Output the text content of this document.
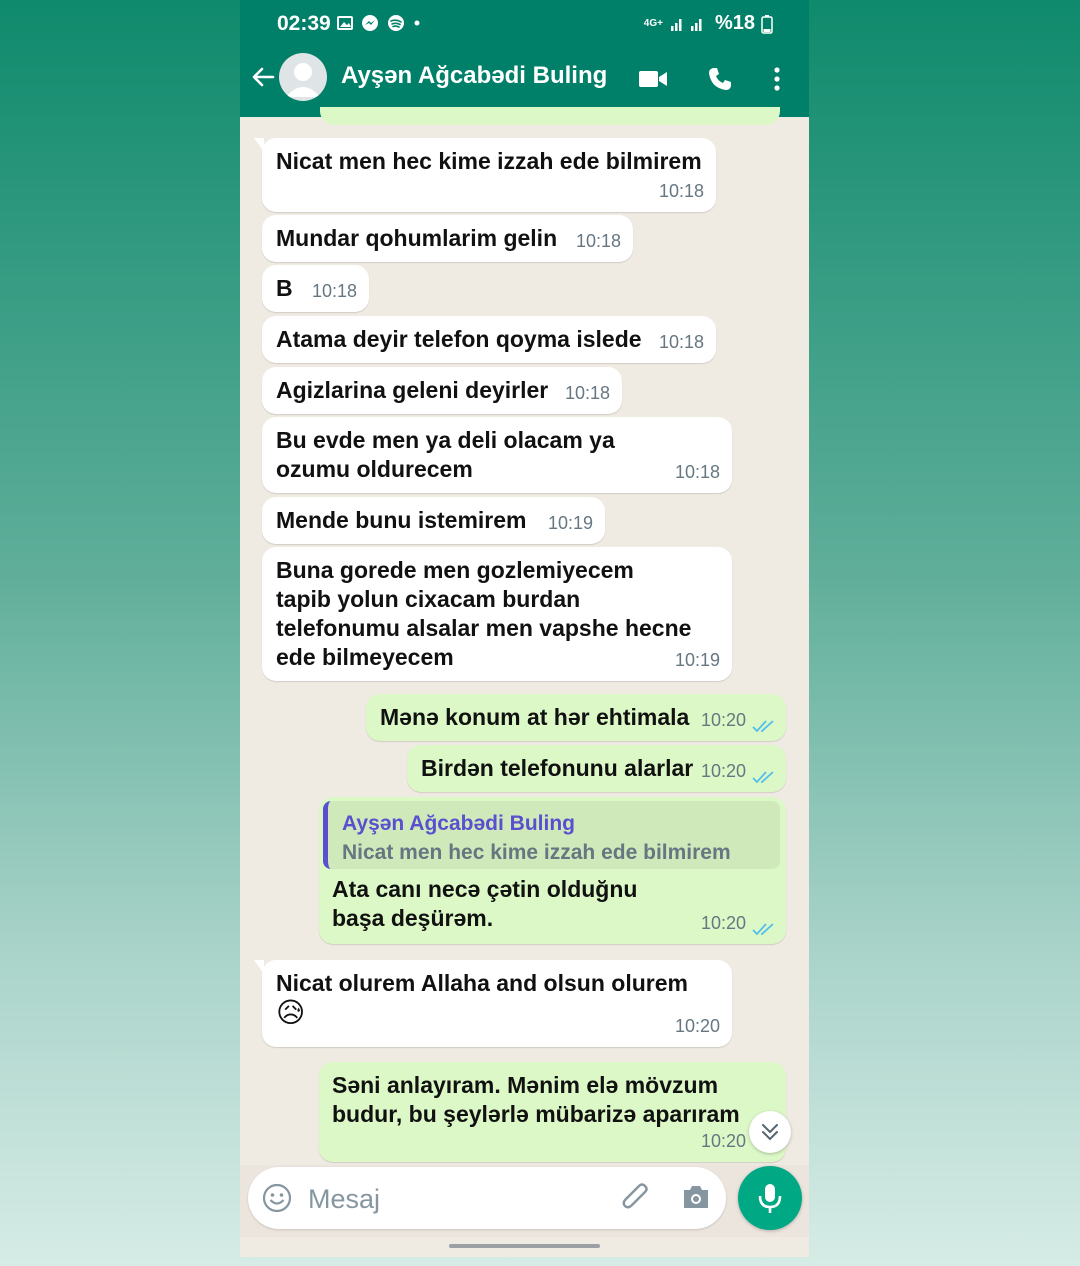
02:39	4G+	%18
Ayşən Ağcabədi Buling
Nicat men hec kime izzah ede bilmirem
10:18
Mundar qohumlarim gelin 10:18
B 10:18
Atama deyir telefon qoyma islede 10:18
Agizlarina geleni deyirler 10:18
Bu evde men ya deli olacam ya ozumu oldurecem	10:18
Mende bunu istemirem 10:19
Buna gorede men gozlemiyecem tapib yolun cixacam burdan telefonumu alsalar men vapshe hecne ede bilmeyecem	10:19
Mənə konum at hər ehtimala 10:20
Birdən telefonunu alarlar 10:20
Ayşən Ağcabədi Buling
Nicat men hec kime izzah ede bilmirem
Ata canı necə çətin olduğnu başa deşürəm.	10:20
Nicat olurem Allaha and olsun olurem
😥	10:20
Səni anlayıram. Mənim elə mövzum budur, bu şeylərlə mübarizə aparıram
10:20
Mesaj
